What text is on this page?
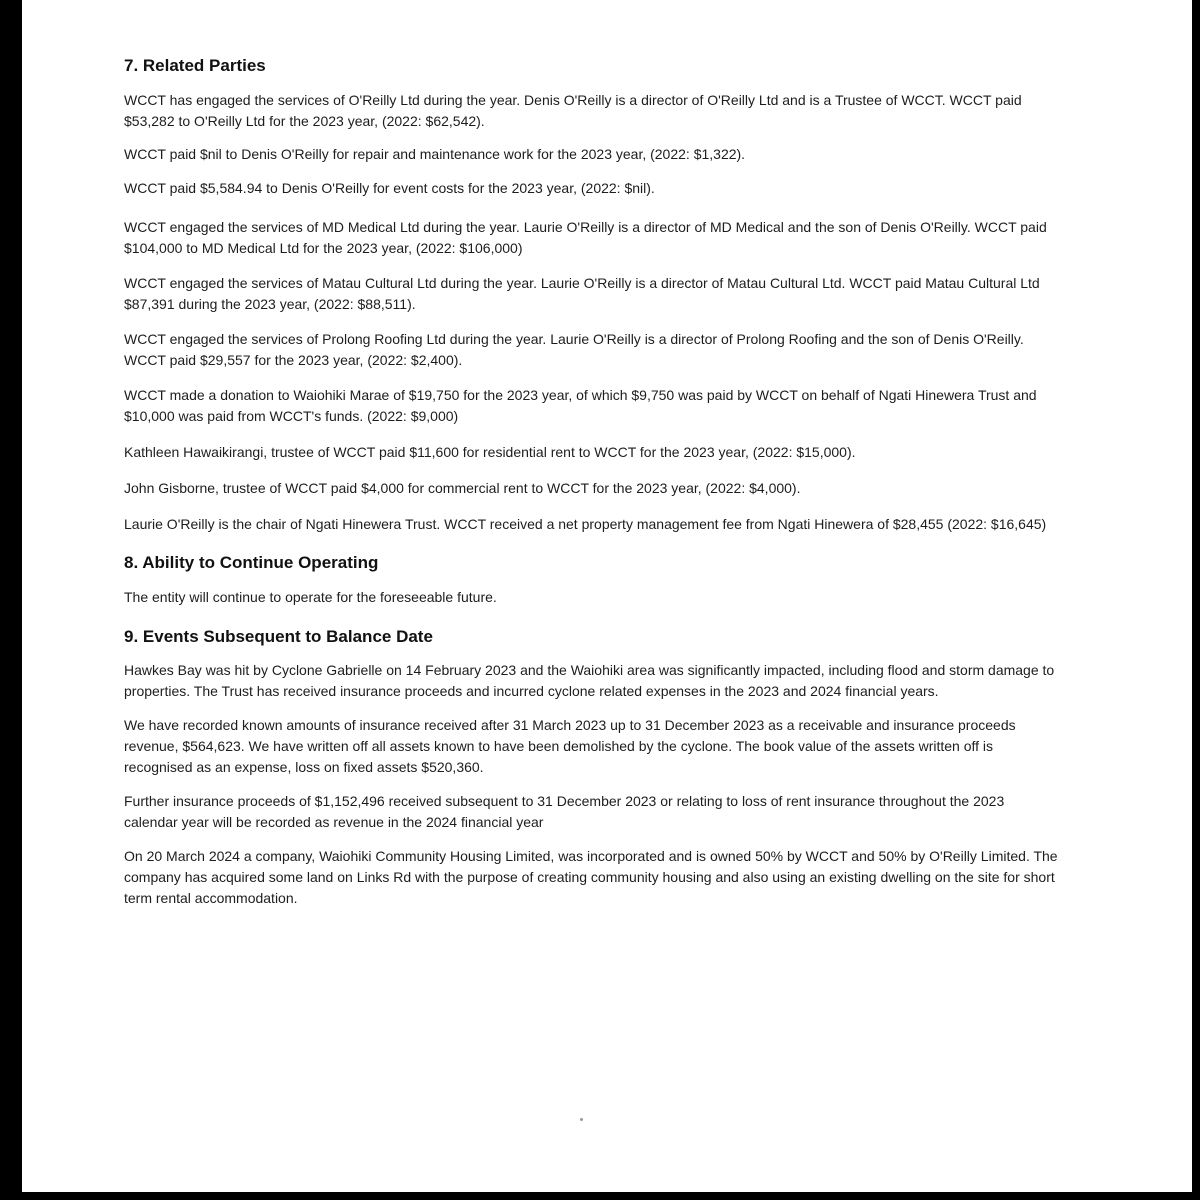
7. Related Parties

WCCT has engaged the services of O'Reilly Ltd during the year. Denis O'Reilly is a director of O'Reilly Ltd and is a Trustee of WCCT. WCCT paid $53,282 to O'Reilly Ltd for the 2023 year, (2022: $62,542).

WCCT paid $nil to Denis O'Reilly for repair and maintenance work for the 2023 year, (2022: $1,322).

WCCT paid $5,584.94 to Denis O'Reilly for event costs for the 2023 year, (2022: $nil).

WCCT engaged the services of MD Medical Ltd during the year. Laurie O'Reilly is a director of MD Medical and the son of Denis O'Reilly. WCCT paid $104,000 to MD Medical Ltd for the 2023 year, (2022: $106,000)

WCCT engaged the services of Matau Cultural Ltd during the year. Laurie O'Reilly is a director of Matau Cultural Ltd. WCCT paid Matau Cultural Ltd $87,391 during the 2023 year, (2022: $88,511).

WCCT engaged the services of Prolong Roofing Ltd during the year. Laurie O'Reilly is a director of Prolong Roofing and the son of Denis O'Reilly. WCCT paid $29,557 for the 2023 year, (2022: $2,400).

WCCT made a donation to Waiohiki Marae of $19,750 for the 2023 year, of which $9,750 was paid by WCCT on behalf of Ngati Hinewera Trust and $10,000 was paid from WCCT's funds. (2022: $9,000)

Kathleen Hawaikirangi, trustee of WCCT paid $11,600 for residential rent to WCCT for the 2023 year, (2022: $15,000).

John Gisborne, trustee of WCCT paid $4,000 for commercial rent to WCCT for the 2023 year, (2022: $4,000).

Laurie O'Reilly is the chair of Ngati Hinewera Trust. WCCT received a net property management fee from Ngati Hinewera of $28,455 (2022: $16,645)

8. Ability to Continue Operating

The entity will continue to operate for the foreseeable future.

9. Events Subsequent to Balance Date

Hawkes Bay was hit by Cyclone Gabrielle on 14 February 2023 and the Waiohiki area was significantly impacted, including flood and storm damage to properties. The Trust has received insurance proceeds and incurred cyclone related expenses in the 2023 and 2024 financial years.

We have recorded known amounts of insurance received after 31 March 2023 up to 31 December 2023 as a receivable and insurance proceeds revenue, $564,623. We have written off all assets known to have been demolished by the cyclone. The book value of the assets written off is recognised as an expense, loss on fixed assets $520,360.

Further insurance proceeds of $1,152,496 received subsequent to 31 December 2023 or relating to loss of rent insurance throughout the 2023 calendar year will be recorded as revenue in the 2024 financial year

On 20 March 2024 a company, Waiohiki Community Housing Limited, was incorporated and is owned 50% by WCCT and 50% by O'Reilly Limited. The company has acquired some land on Links Rd with the purpose of creating community housing and also using an existing dwelling on the site for short term rental accommodation.
